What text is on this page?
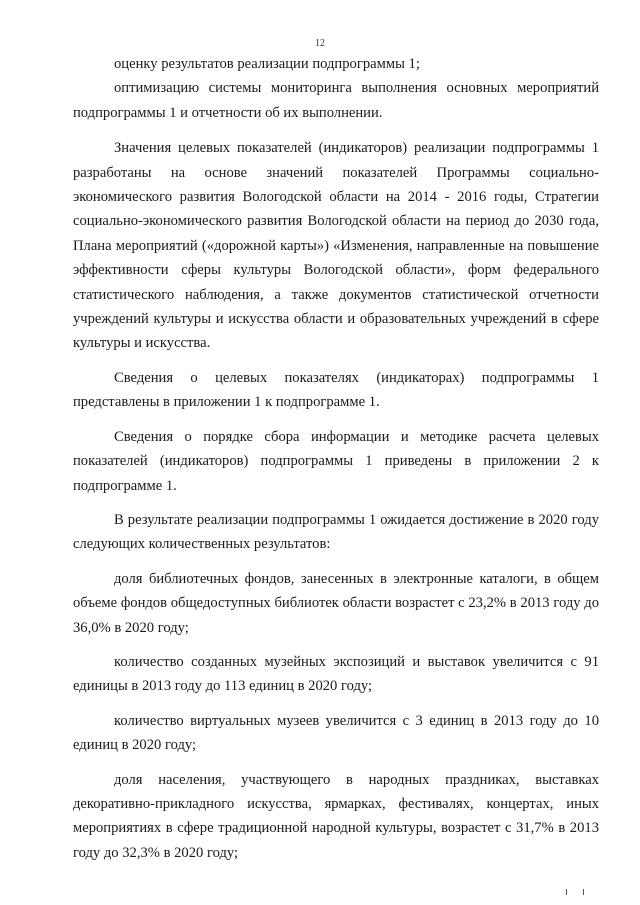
12

оценку результатов реализации подпрограммы 1;

оптимизацию системы мониторинга выполнения основных мероприятий подпрограммы 1 и отчетности об их выполнении.

Значения целевых показателей (индикаторов) реализации подпрограммы 1 разработаны на основе значений показателей Программы социально-экономического развития Вологодской области на 2014 - 2016 годы, Стратегии социально-экономического развития Вологодской области на период до 2030 года, Плана мероприятий («дорожной карты») «Изменения, направленные на повышение эффективности сферы культуры Вологодской области», форм федерального статистического наблюдения, а также документов статистической отчетности учреждений культуры и искусства области и образовательных учреждений в сфере культуры и искусства.

Сведения о целевых показателях (индикаторах) подпрограммы 1 представлены в приложении 1 к подпрограмме 1.

Сведения о порядке сбора информации и методике расчета целевых показателей (индикаторов) подпрограммы 1 приведены в приложении 2 к подпрограмме 1.

В результате реализации подпрограммы 1 ожидается достижение в 2020 году следующих количественных результатов:

доля библиотечных фондов, занесенных в электронные каталоги, в общем объеме фондов общедоступных библиотек области возрастет с 23,2% в 2013 году до 36,0% в 2020 году;

количество созданных музейных экспозиций и выставок увеличится с 91 единицы в 2013 году до 113 единиц в 2020 году;

количество виртуальных музеев увеличится с 3 единиц в 2013 году до 10 единиц в 2020 году;

доля населения, участвующего в народных праздниках, выставках декоративно-прикладного искусства, ярмарках, фестивалях, концертах, иных мероприятиях в сфере традиционной народной культуры, возрастет с 31,7% в 2013 году до 32,3% в 2020 году;
